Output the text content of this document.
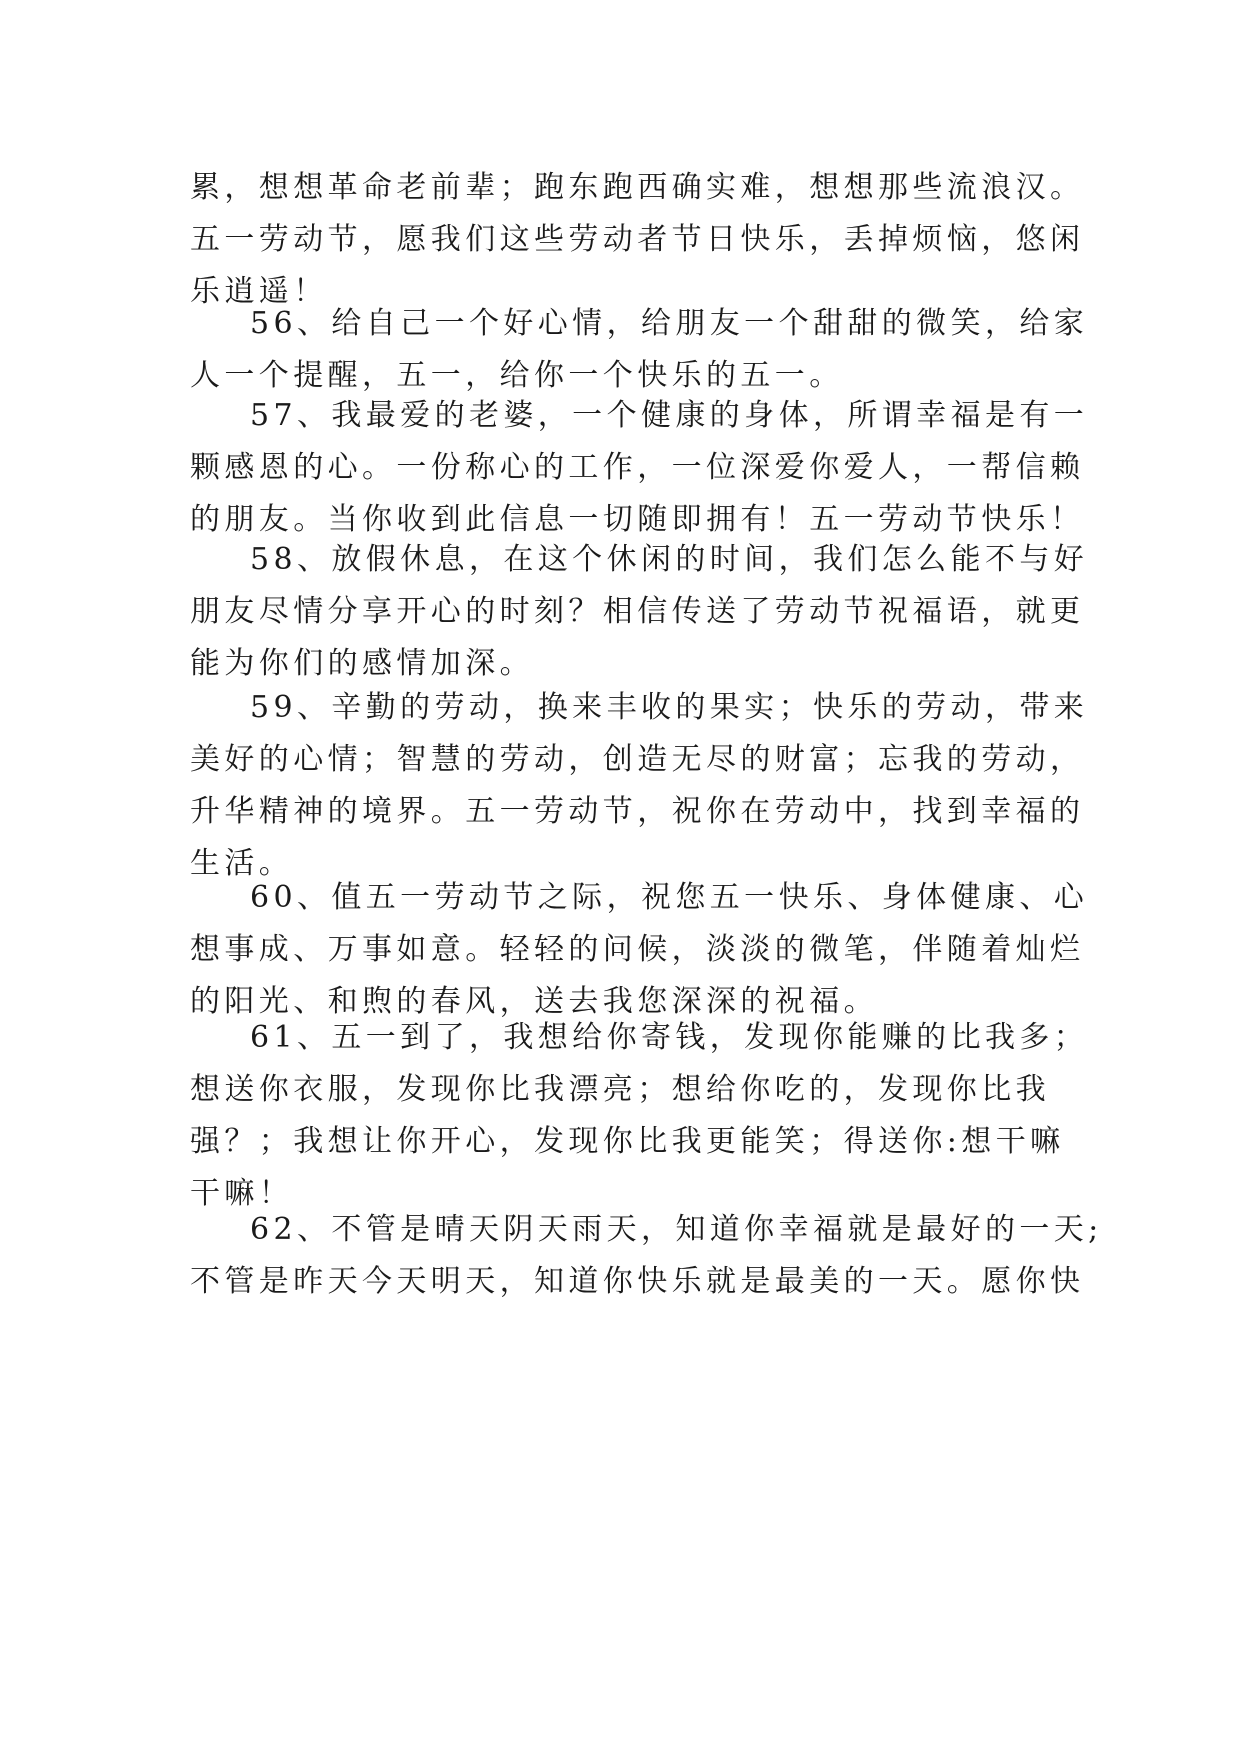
累，想想革命老前辈；跑东跑西确实难，想想那些流浪汉。
五一劳动节，愿我们这些劳动者节日快乐，丢掉烦恼，悠闲
乐逍遥！
56、给自己一个好心情，给朋友一个甜甜的微笑，给家
人一个提醒，五一，给你一个快乐的五一。
57、我最爱的老婆，一个健康的身体，所谓幸福是有一
颗感恩的心。一份称心的工作，一位深爱你爱人，一帮信赖
的朋友。当你收到此信息一切随即拥有！五一劳动节快乐！
58、放假休息，在这个休闲的时间，我们怎么能不与好
朋友尽情分享开心的时刻？相信传送了劳动节祝福语，就更
能为你们的感情加深。
59、辛勤的劳动，换来丰收的果实；快乐的劳动，带来
美好的心情；智慧的劳动，创造无尽的财富；忘我的劳动，
升华精神的境界。五一劳动节，祝你在劳动中，找到幸福的
生活。
60、值五一劳动节之际，祝您五一快乐、身体健康、心
想事成、万事如意。轻轻的问候，淡淡的微笔，伴随着灿烂
的阳光、和煦的春风，送去我您深深的祝福。
61、五一到了，我想给你寄钱，发现你能赚的比我多；
想送你衣服，发现你比我漂亮；想给你吃的，发现你比我
强？；我想让你开心，发现你比我更能笑；得送你:想干嘛
干嘛！
62、不管是晴天阴天雨天，知道你幸福就是最好的一天;
不管是昨天今天明天，知道你快乐就是最美的一天。愿你快
